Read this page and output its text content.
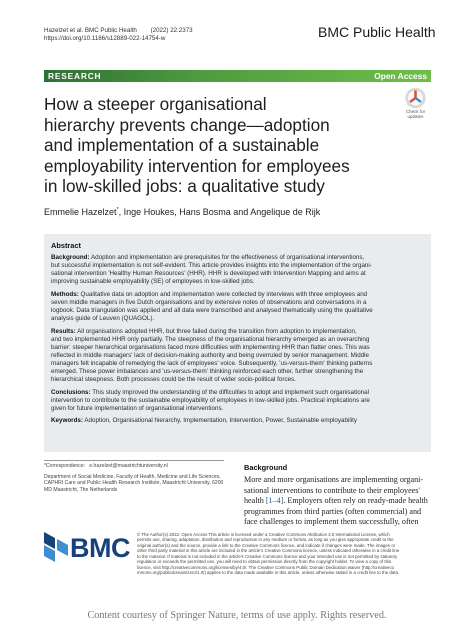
Hazelzet et al. BMC Public Health        (2022) 22:2373
https://doi.org/10.1186/s12889-022-14754-w	BMC Public Health
RESEARCH	Open Access
Check for
updates
How a steeper organisational
hierarchy prevents change—adoption
and implementation of a sustainable
employability intervention for employees
in low-skilled jobs: a qualitative study
Emmelie Hazelzet*, Inge Houkes, Hans Bosma and Angelique de Rijk
Abstract
Background: Adoption and implementation are prerequisites for the effectiveness of organisational interventions,
but successful implementation is not self-evident. This article provides insights into the implementation of the organi-
sational intervention 'Healthy Human Resources' (HHR). HHR is developed with Intervention Mapping and aims at
improving sustainable employability (SE) of employees in low-skilled jobs.
Methods: Qualitative data on adoption and implementation were collected by interviews with three employees and
seven middle managers in five Dutch organisations and by extensive notes of observations and conversations in a
logbook. Data triangulation was applied and all data were transcribed and analysed thematically using the qualitative
analysis guide of Leuven (QUAGOL).
Results: All organisations adopted HHR, but three failed during the transition from adoption to implementation,
and two implemented HHR only partially. The steepness of the organisational hierarchy emerged as an overarching
barrier: steeper hierarchical organisations faced more difficulties with implementing HHR than flatter ones. This was
reflected in middle managers' lack of decision-making authority and being overruled by senior management. Middle
managers felt incapable of remedying the lack of employees' voice. Subsequently, 'us-versus-them' thinking patterns
emerged. These power imbalances and 'us-versus-them' thinking reinforced each other, further strengthening the
hierarchical steepness. Both processes could be the result of wider socio-political forces.
Conclusions: This study improved the understanding of the difficulties to adopt and implement such organisational
intervention to contribute to the sustainable employability of employees in low-skilled jobs. Practical implications are
given for future implementation of organisational interventions.
Keywords: Adoption, Organisational hierarchy, Implementation, Intervention, Power, Sustainable employability
*Correspondence:   e.hazelzet@maastrichtuniversity.nl
Department of Social Medicine, Faculty of Health, Medicine and Life Sciences,
CAPHRI Care and Public Health Research Institute, Maastricht University, 6200
MD Maastricht, The Netherlands
Background
More and more organisations are implementing organi-
sational interventions to contribute to their employees'
health [1–4]. Employers often rely on ready-made health
programmes from third parties (often commercial) and
face challenges to implement them successfully, often
BMC © The Author(s) 2022. Open Access This article is licensed under a Creative Commons Attribution 4.0 International License, which
permits use, sharing, adaptation, distribution and reproduction in any medium or format, as long as you give appropriate credit to the
original author(s) and the source, provide a link to the Creative Commons licence, and indicate if changes were made. The images or
other third party material in this article are included in the article's Creative Commons licence, unless indicated otherwise in a credit line
to the material. If material is not included in the article's Creative Commons licence and your intended use is not permitted by statutory
regulation or exceeds the permitted use, you will need to obtain permission directly from the copyright holder. To view a copy of this
licence, visit http://creativecommons.org/licenses/by/4.0/. The Creative Commons Public Domain Dedication waiver (http://creativeco
mmons.org/publicdomain/zero/1.0/) applies to the data made available in this article, unless otherwise stated in a credit line to the data.
Content courtesy of Springer Nature, terms of use apply. Rights reserved.
